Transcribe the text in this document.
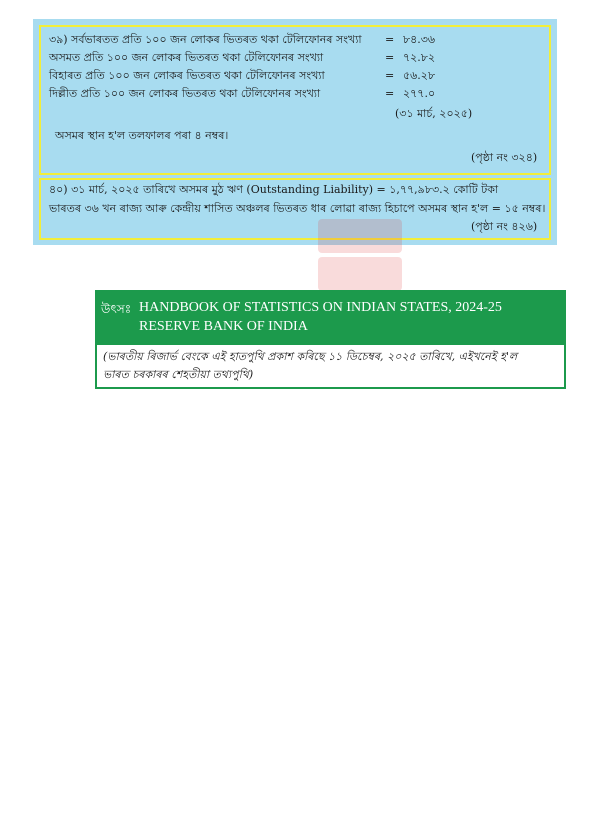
৩৯) সৰ্বভাৰতত প্ৰতি ১০০ জন লোকৰ ভিতৰত থকা টেলিফোনৰ সংখ্যা = ৮৪.৩৬
অসমত প্ৰতি ১০০ জন লোকৰ ভিতৰত থকা টেলিফোনৰ সংখ্যা	= ৭২.৮২
বিহাৰত প্ৰতি ১০০ জন লোকৰ ভিতৰত থকা টেলিফোনৰ সংখ্যা	= ৫৬.২৮
দিল্লীত প্ৰতি ১০০ জন লোকৰ ভিতৰত থকা টেলিফোনৰ সংখ্যা	= ২৭৭.০
(৩১ মাৰ্চ, ২০২৫)
অসমৰ স্থান হ'ল তলফালৰ পৰা ৪ নম্বৰ।
(পৃষ্ঠা নং ৩২৪)
৪০) ৩১ মাৰ্চ, ২০২৫ তাৰিখে অসমৰ মুঠ ঋণ (Outstanding Liability) = ১,৭৭,৯৮৩.২ কোটি টকা
ভাৰতৰ ৩৬ খন ৰাজ্য আৰু কেন্দ্ৰীয় শাসিত অঞ্চলৰ ভিতৰত ধাৰ লোৱা ৰাজ্য হিচাপে অসমৰ স্থান হ'ল = ১৫ নম্বৰ।
(পৃষ্ঠা নং ৪২৬)
উৎসঃ HANDBOOK OF STATISTICS ON INDIAN STATES, 2024-25
RESERVE BANK OF INDIA
(ভাৰতীয় ৰিজাৰ্ভ বেংকে এই হাতপুথি প্ৰকাশ কৰিছে ১১ ডিচেম্বৰ, ২০২৫ তাৰিখে, এইখনেই হ'ল
ভাৰত চৰকাৰৰ শেহতীয়া তথ্যপুথি)
